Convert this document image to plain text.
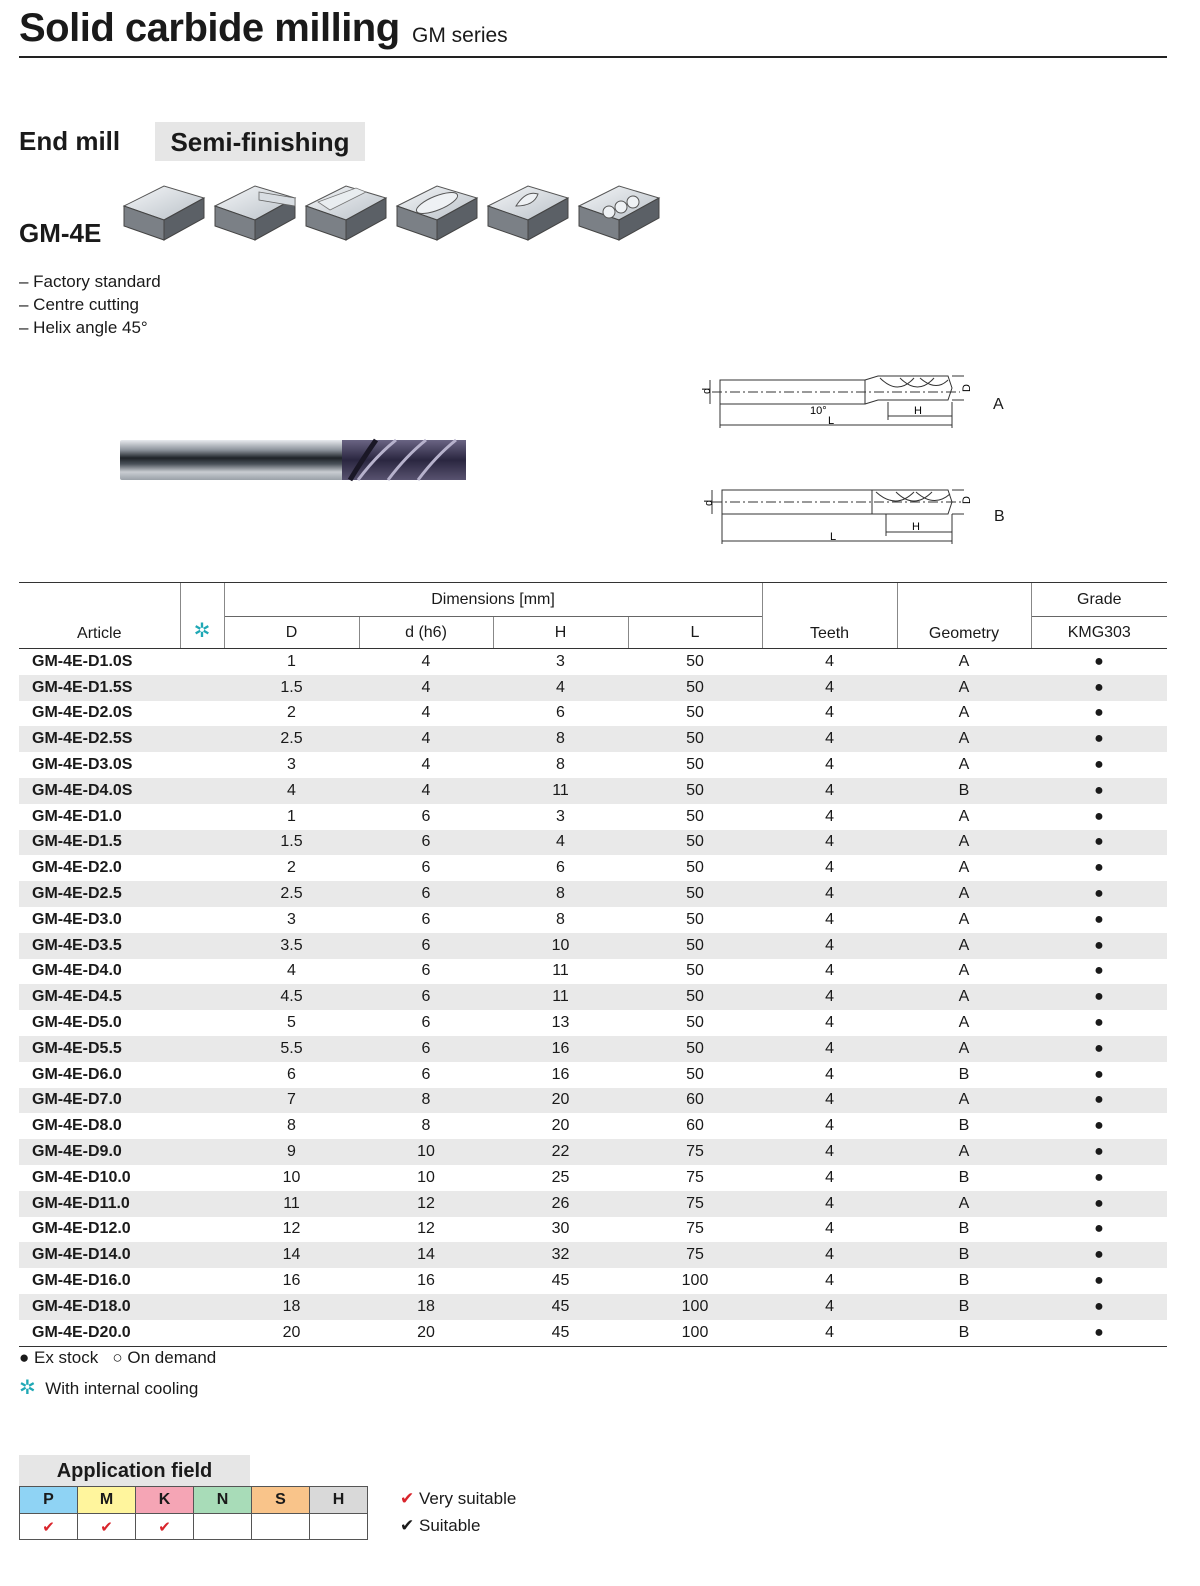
Solid carbide milling GM series
End mill	Semi-finishing
GM-4E
– Factory standard
– Centre cutting
– Helix angle 45°
d	D
H
L
10°	A
d	D
H
L
B
Article	✲	Dimensions [mm]				Teeth	Geometry	Grade
		D	d (h6)	H	L			KMG303
GM-4E-D1.0S		1	4	3	50	4	A	●
GM-4E-D1.5S		1.5	4	4	50	4	A	●
GM-4E-D2.0S		2	4	6	50	4	A	●
GM-4E-D2.5S		2.5	4	8	50	4	A	●
GM-4E-D3.0S		3	4	8	50	4	A	●
GM-4E-D4.0S		4	4	11	50	4	B	●
GM-4E-D1.0		1	6	3	50	4	A	●
GM-4E-D1.5		1.5	6	4	50	4	A	●
GM-4E-D2.0		2	6	6	50	4	A	●
GM-4E-D2.5		2.5	6	8	50	4	A	●
GM-4E-D3.0		3	6	8	50	4	A	●
GM-4E-D3.5		3.5	6	10	50	4	A	●
GM-4E-D4.0		4	6	11	50	4	A	●
GM-4E-D4.5		4.5	6	11	50	4	A	●
GM-4E-D5.0		5	6	13	50	4	A	●
GM-4E-D5.5		5.5	6	16	50	4	A	●
GM-4E-D6.0		6	6	16	50	4	B	●
GM-4E-D7.0		7	8	20	60	4	A	●
GM-4E-D8.0		8	8	20	60	4	B	●
GM-4E-D9.0		9	10	22	75	4	A	●
GM-4E-D10.0		10	10	25	75	4	B	●
GM-4E-D11.0		11	12	26	75	4	A	●
GM-4E-D12.0		12	12	30	75	4	B	●
GM-4E-D14.0		14	14	32	75	4	B	●
GM-4E-D16.0		16	16	45	100	4	B	●
GM-4E-D18.0		18	18	45	100	4	B	●
GM-4E-D20.0		20	20	45	100	4	B	●
● Ex stock ○ On demand
✲ With internal cooling
Application field
P	M	K	N	S	H
✔	✔	✔			
✔ Very suitable
✔ Suitable
